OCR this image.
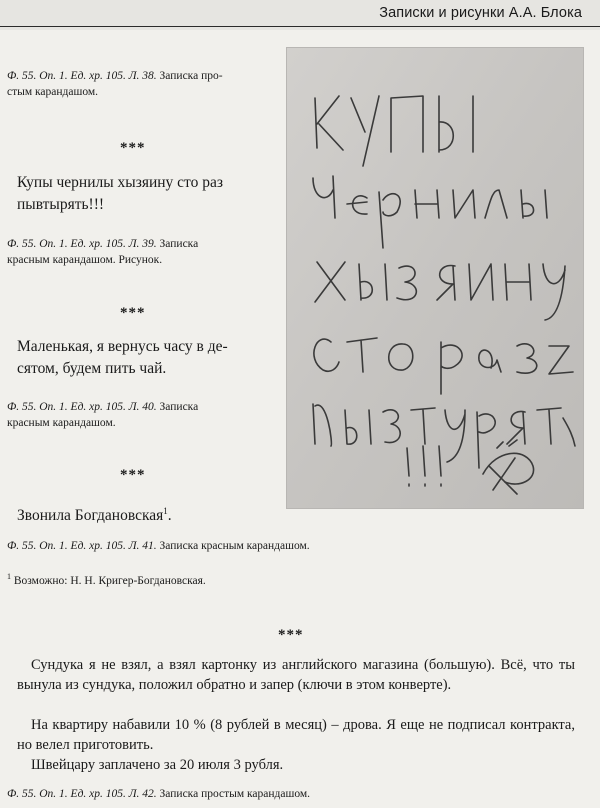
Записки и рисунки А.А. Блока
Ф. 55. Оп. 1. Ед. хр. 105. Л. 38. Записка про-
стым карандашом.
***
Купы чернилы хызяину сто раз
пывтырять!!!
Ф. 55. Оп. 1. Ед. хр. 105. Л. 39. Записка
красным карандашом. Рисунок.
***
Маленькая, я вернусь часу в де-
сятом, будем пить чай.
Ф. 55. Оп. 1. Ед. хр. 105. Л. 40. Записка
красным карандашом.
***
Звонила Богдановская$^1$.
Ф. 55. Оп. 1. Ед. хр. 105. Л. 41. Записка красным карандашом.
$^1$ Возможно: Н. Н. Кригер-Богдановская.
***
Сундука я не взял, а взял картонку из английского магазина (большую). Всё, что ты вынула из сундука, положил обратно и запер (ключи в этом конверте).
На квартиру набавили 10 % (8 рублей в месяц) – дрова. Я еще не подписал контракта, но велел приготовить.
Швейцару заплачено за 20 июля 3 рубля.
Ф. 55. Оп. 1. Ед. хр. 105. Л. 42. Записка простым карандашом.
